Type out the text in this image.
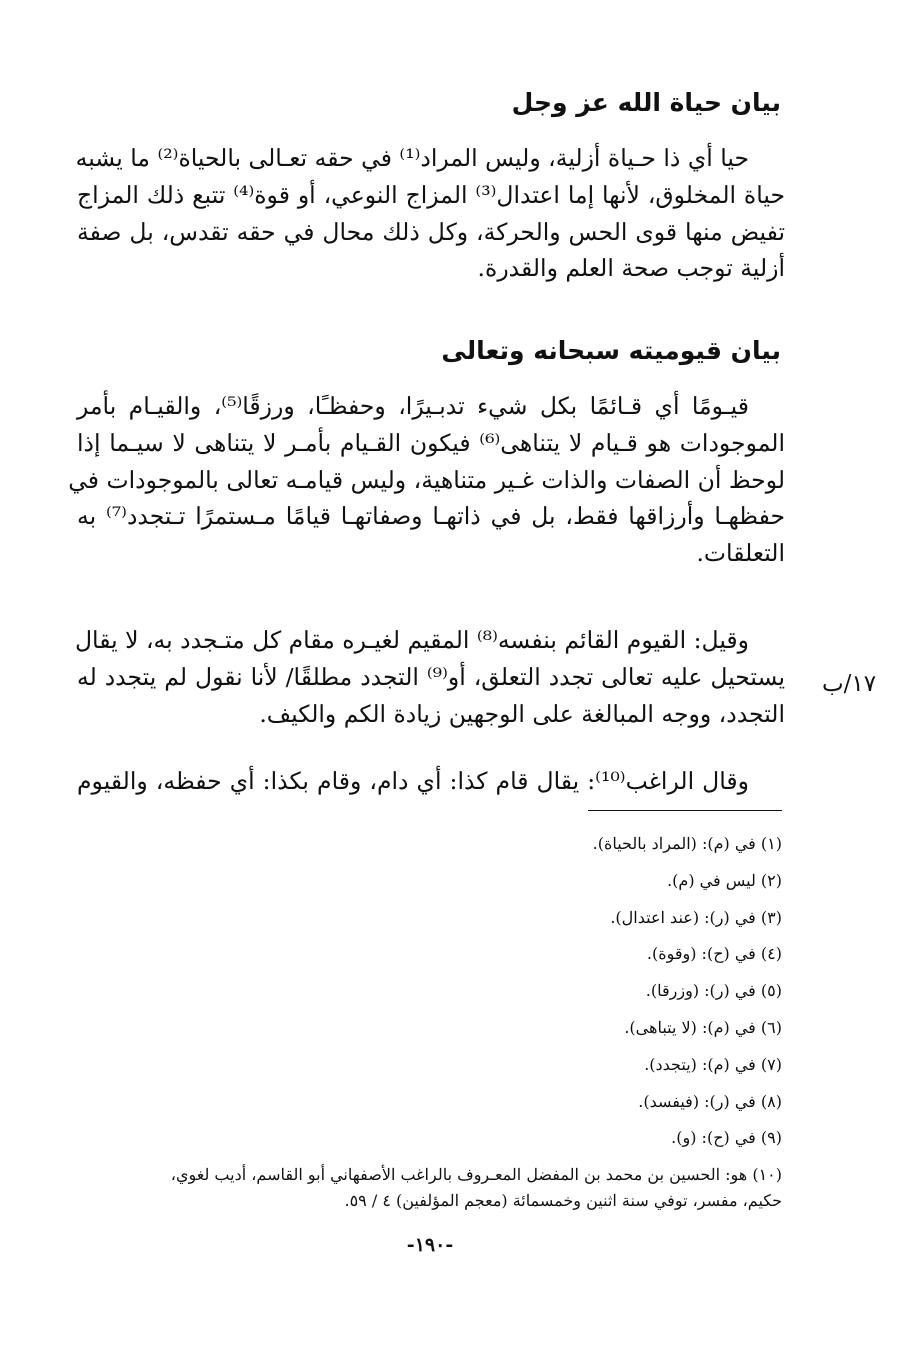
بيان حياة الله عز وجل
حيا أي ذا حـياة أزلية، وليس المراد⁽¹⁾ في حقه تعـالى بالحياة⁽²⁾ ما يشبه
حياة المخلوق، لأنها إما اعتدال⁽³⁾ المزاج النوعي، أو قوة⁽⁴⁾ تتبع ذلك المزاج
تفيض منها قوى الحس والحركة، وكل ذلك محال في حقه تقدس، بل صفة
أزلية توجب صحة العلم والقدرة.
بيان قيوميته سبحانه وتعالى
قيـومًا أي قـائمًا بكل شيء تدبـيرًا، وحفظـًا، ورزقًا⁽⁵⁾، والقيـام بأمر
الموجودات هو قـيام لا يتناهى⁽⁶⁾ فيكون القـيام بأمـر لا يتناهى لا سيـما إذا
لوحظ أن الصفات والذات غـير متناهية، وليس قيامـه تعالى بالموجودات في
حفظهـا وأرزاقها فقط، بل في ذاتهـا وصفاتهـا قيامًا مـستمرًا تـتجدد⁽⁷⁾ به
التعلقات.
وقيل: القيوم القائم بنفسه⁽⁸⁾ المقيم لغيـره مقام كل متـجدد به، لا يقال
يستحيل عليه تعالى تجدد التعلق، أو⁽⁹⁾ التجدد مطلقًا/ لأنا نقول لم يتجدد له
التجدد، ووجه المبالغة على الوجهين زيادة الكم والكيف.
وقال الراغب⁽¹⁰⁾: يقال قام كذا: أي دام، وقام بكذا: أي حفظه، والقيوم
١٧/ب
(١) في (م): (المراد بالحياة).
(٢) ليس في (م).
(٣) في (ر): (عند اعتدال).
(٤) في (ح): (وقوة).
(٥) في (ر): (وزرقا).
(٦) في (م): (لا يتباهى).
(٧) في (م): (يتجدد).
(٨) في (ر): (فيفسد).
(٩) في (ح): (و).
(١٠) هو: الحسين بن محمد بن المفضل المعـروف بالراغب الأصفهاني أبو القاسم، أديب لغوي،
حكيم، مفسر، توفي سنة اثنين وخمسمائة (معجم المؤلفين) ٤ / ٥٩.
-١٩٠-
